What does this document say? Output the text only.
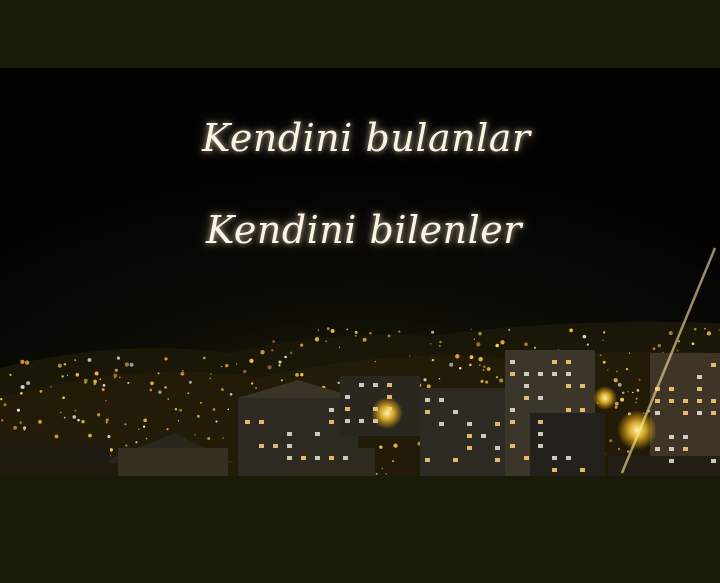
Kendini bulanlar

Kendini bilenler
